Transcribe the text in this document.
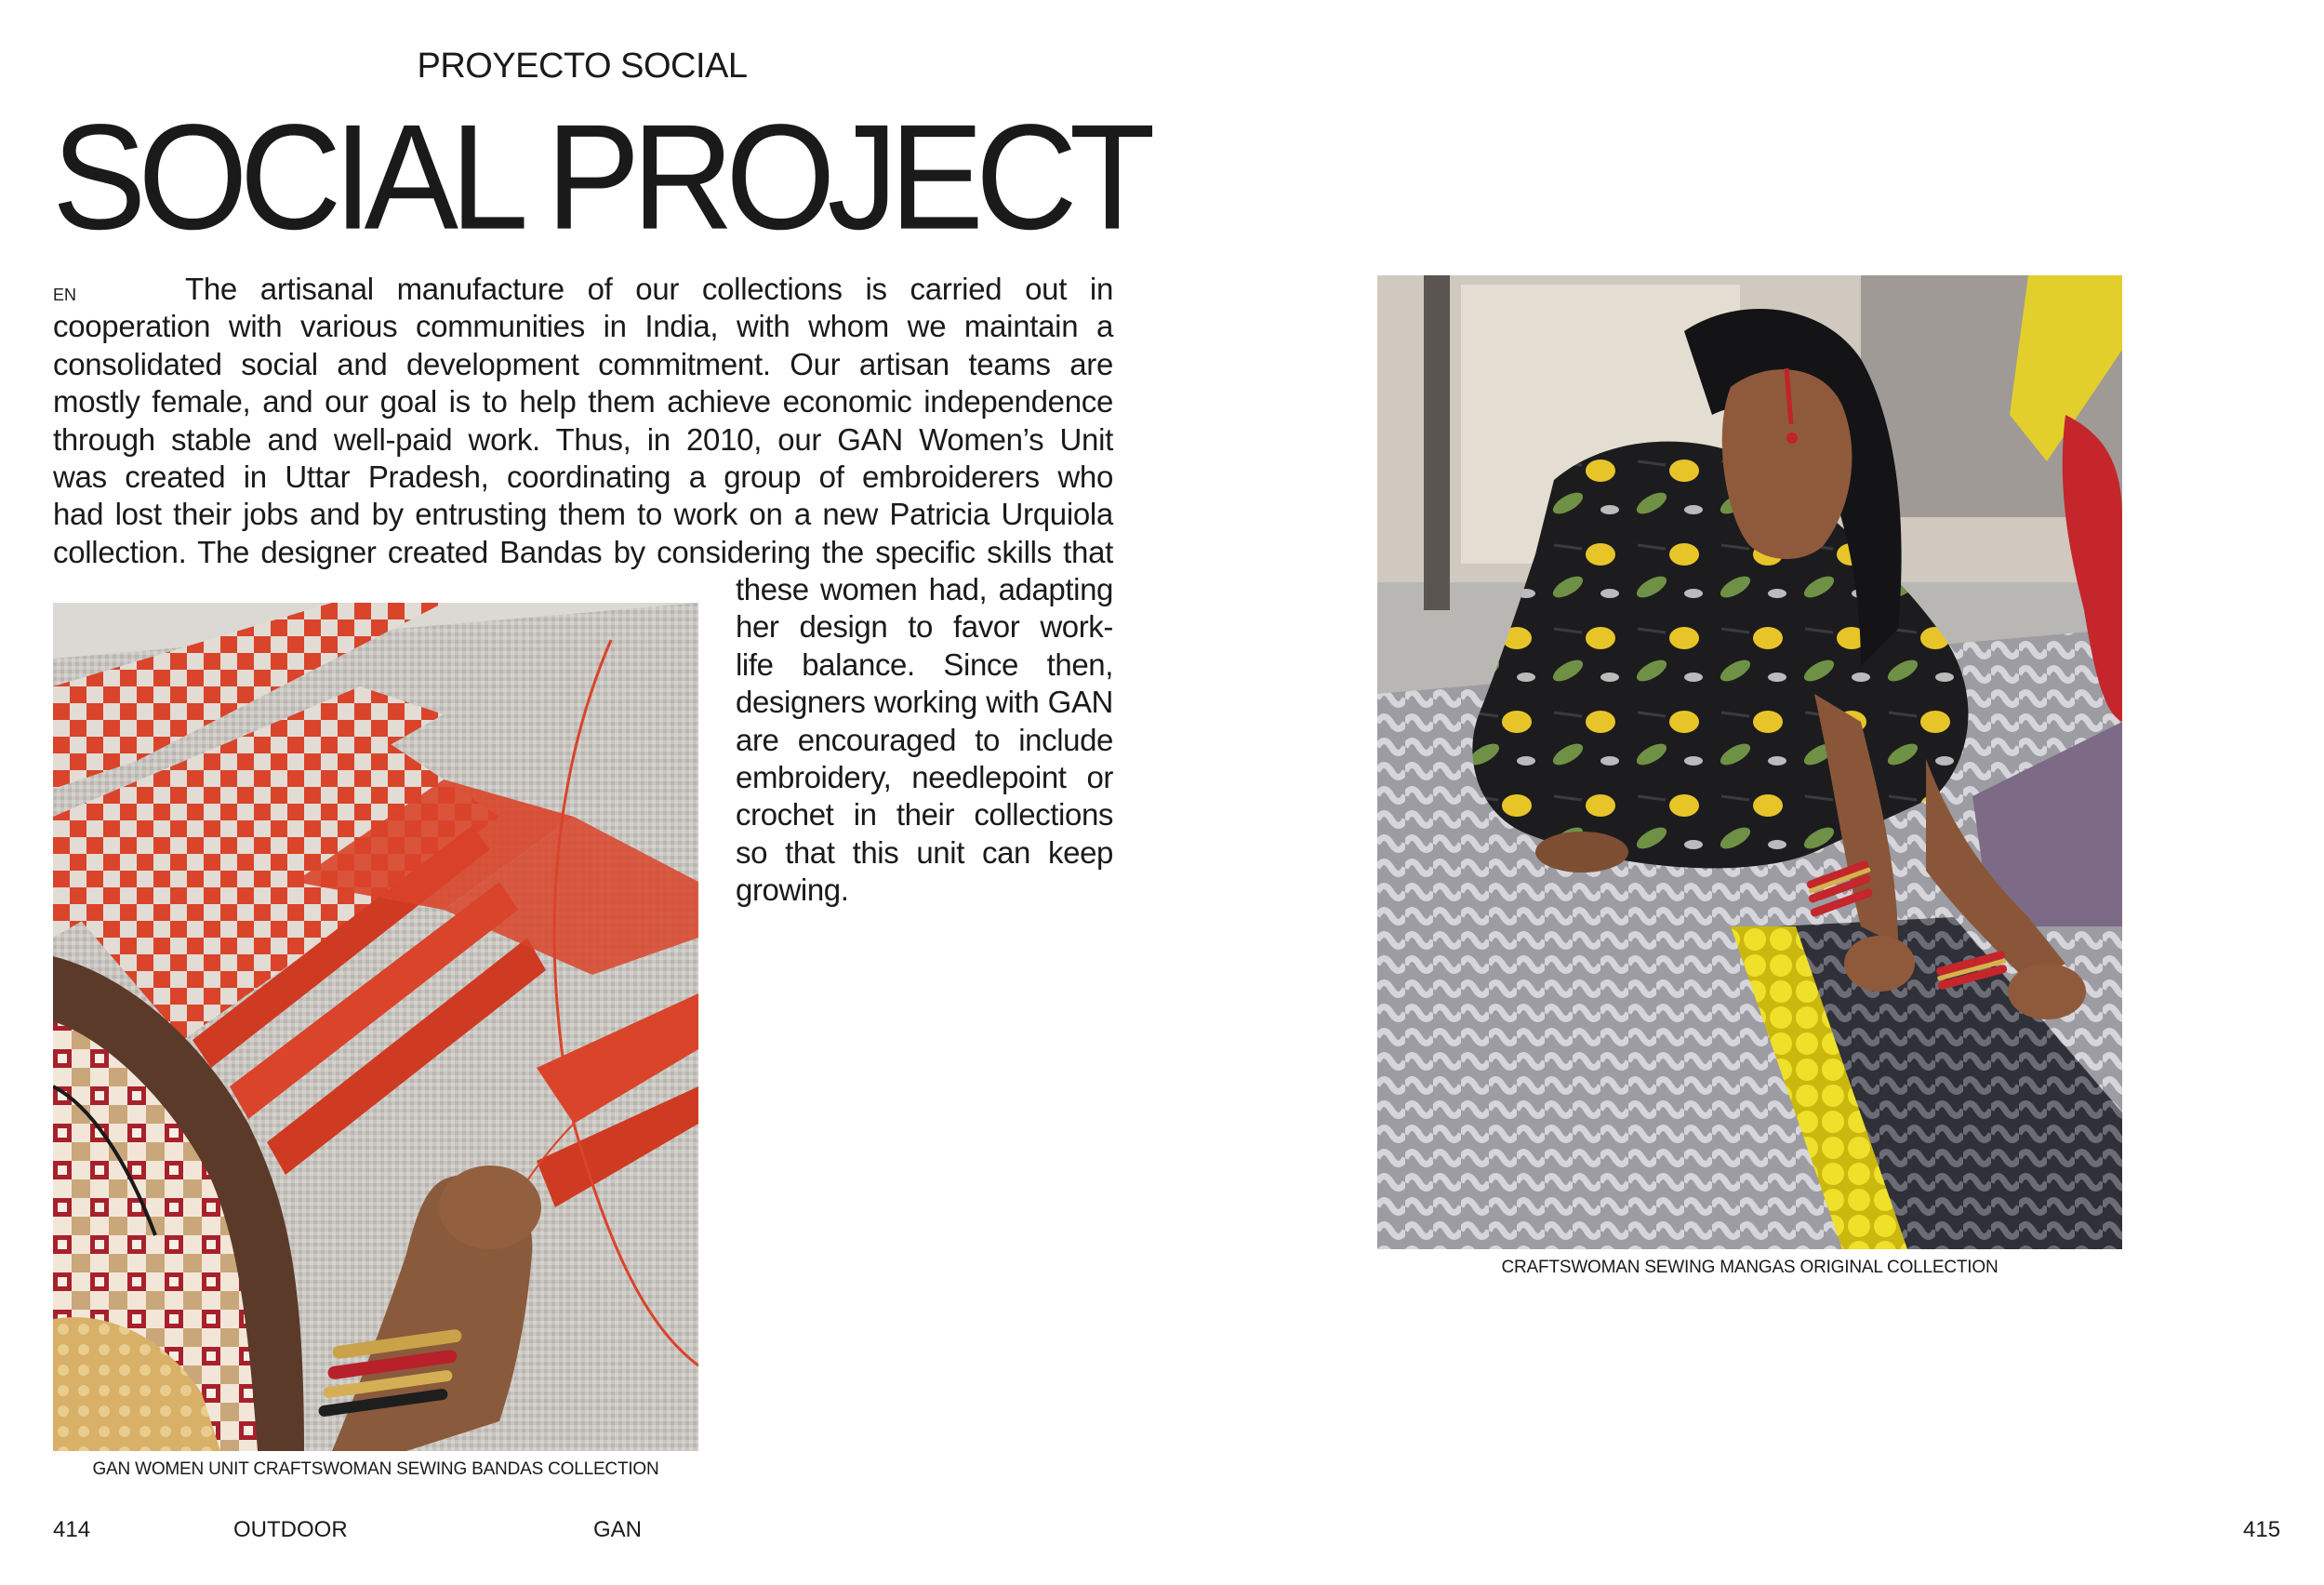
PROYECTO SOCIAL
SOCIAL PROJECT
EN	The artisanal manufacture of our collections is carried out in
cooperation with various communities in India, with whom we maintain a
consolidated social and development commitment. Our artisan teams are
mostly female, and our goal is to help them achieve economic independence
through stable and well-paid work. Thus, in 2010, our GAN Women’s Unit
was created in Uttar Pradesh, coordinating a group of embroiderers who
had lost their jobs and by entrusting them to work on a new Patricia Urquiola
collection. The designer created Bandas by considering the specific skills that
these women had, adapting
her design to favor work-
life balance. Since then,
designers working with GAN
are encouraged to include
embroidery, needlepoint or
crochet in their collections
so that this unit can keep
growing.
GAN WOMEN UNIT CRAFTSWOMAN SEWING BANDAS COLLECTION
CRAFTSWOMAN SEWING MANGAS ORIGINAL COLLECTION
414	OUTDOOR	GAN	415
